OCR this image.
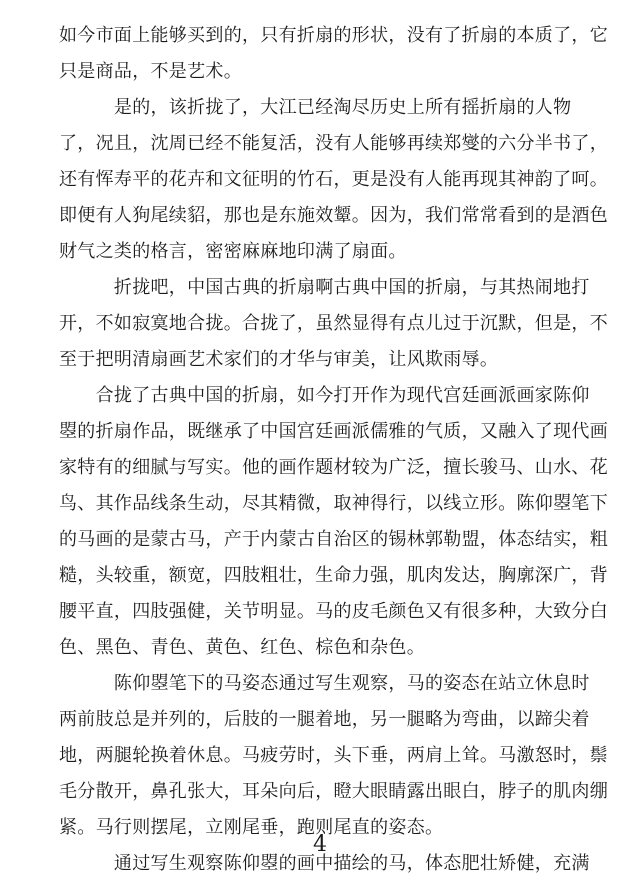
如今市面上能够买到的，只有折扇的形状，没有了折扇的本质了，它
只是商品，不是艺术。
　　　是的，该折拢了，大江已经淘尽历史上所有摇折扇的人物
了，况且，沈周已经不能复活，没有人能够再续郑燮的六分半书了，
还有恽寿平的花卉和文征明的竹石，更是没有人能再现其神韵了呵。
即便有人狗尾续貂，那也是东施效颦。因为，我们常常看到的是酒色
财气之类的格言，密密麻麻地印满了扇面。
　　　折拢吧，中国古典的折扇啊古典中国的折扇，与其热闹地打
开，不如寂寞地合拢。合拢了，虽然显得有点儿过于沉默，但是，不
至于把明清扇画艺术家们的才华与审美，让风欺雨辱。
　　合拢了古典中国的折扇，如今打开作为现代宫廷画派画家陈仰
曌的折扇作品，既继承了中国宫廷画派儒雅的气质，又融入了现代画
家特有的细腻与写实。他的画作题材较为广泛，擅长骏马、山水、花
鸟、其作品线条生动，尽其精微，取神得行，以线立形。陈仰曌笔下
的马画的是蒙古马，产于内蒙古自治区的锡林郭勒盟，体态结实，粗
糙，头较重，额宽，四肢粗壮，生命力强，肌肉发达，胸廓深广，背
腰平直，四肢强健，关节明显。马的皮毛颜色又有很多种，大致分白
色、黑色、青色、黄色、红色、棕色和杂色。
　　　陈仰曌笔下的马姿态通过写生观察，马的姿态在站立休息时
两前肢总是并列的，后肢的一腿着地，另一腿略为弯曲，以蹄尖着
地，两腿轮换着休息。马疲劳时，头下垂，两肩上耸。马激怒时，鬃
毛分散开，鼻孔张大，耳朵向后，瞪大眼睛露出眼白，脖子的肌肉绷
紧。马行则摆尾，立刚尾垂，跑则尾直的姿态。
　　　通过写生观察陈仰曌的画中描绘的马，体态肥壮矫健，充满
4
